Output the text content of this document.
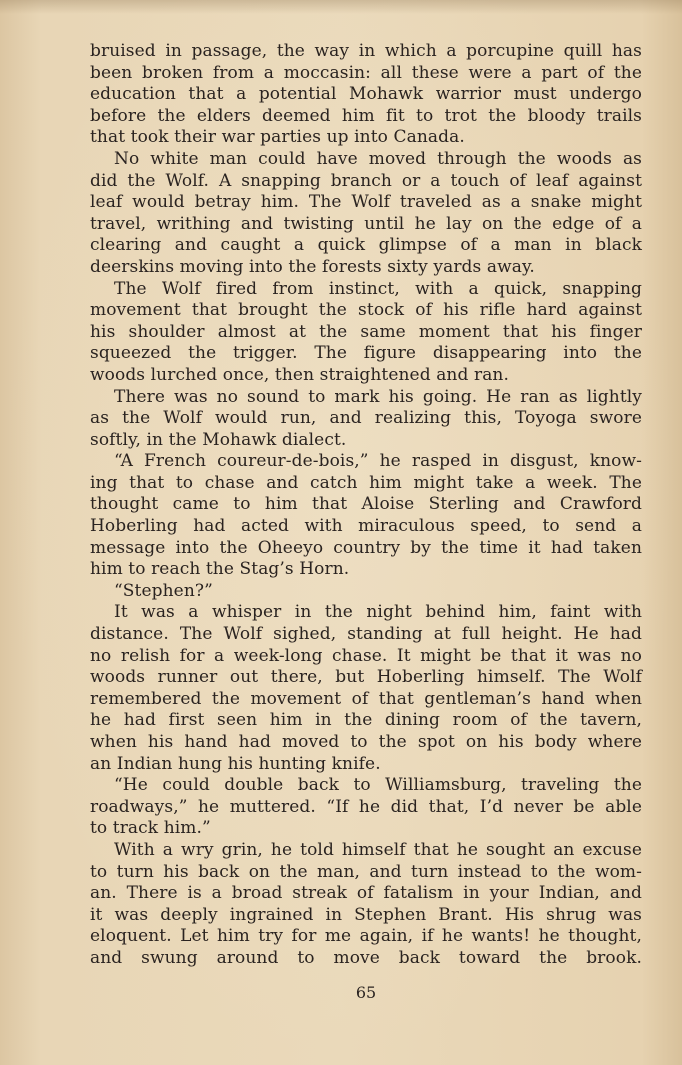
bruised in passage, the way in which a porcupine quill has
been broken from a moccasin: all these were a part of the
education that a potential Mohawk warrior must undergo
before the elders deemed him fit to trot the bloody trails
that took their war parties up into Canada.
No white man could have moved through the woods as
did the Wolf. A snapping branch or a touch of leaf against
leaf would betray him. The Wolf traveled as a snake might
travel, writhing and twisting until he lay on the edge of a
clearing and caught a quick glimpse of a man in black
deerskins moving into the forests sixty yards away.
The Wolf fired from instinct, with a quick, snapping
movement that brought the stock of his rifle hard against
his shoulder almost at the same moment that his finger
squeezed the trigger. The figure disappearing into the
woods lurched once, then straightened and ran.
There was no sound to mark his going. He ran as lightly
as the Wolf would run, and realizing this, Toyoga swore
softly, in the Mohawk dialect.
“A French coureur-de-bois,” he rasped in disgust, know-
ing that to chase and catch him might take a week. The
thought came to him that Aloise Sterling and Crawford
Hoberling had acted with miraculous speed, to send a
message into the Oheeyo country by the time it had taken
him to reach the Stag’s Horn.
“Stephen?”
It was a whisper in the night behind him, faint with
distance. The Wolf sighed, standing at full height. He had
no relish for a week-long chase. It might be that it was no
woods runner out there, but Hoberling himself. The Wolf
remembered the movement of that gentleman’s hand when
he had first seen him in the dining room of the tavern,
when his hand had moved to the spot on his body where
an Indian hung his hunting knife.
“He could double back to Williamsburg, traveling the
roadways,” he muttered. “If he did that, I’d never be able
to track him.”
With a wry grin, he told himself that he sought an excuse
to turn his back on the man, and turn instead to the wom-
an. There is a broad streak of fatalism in your Indian, and
it was deeply ingrained in Stephen Brant. His shrug was
eloquent. Let him try for me again, if he wants! he thought,
and swung around to move back toward the brook.
65
